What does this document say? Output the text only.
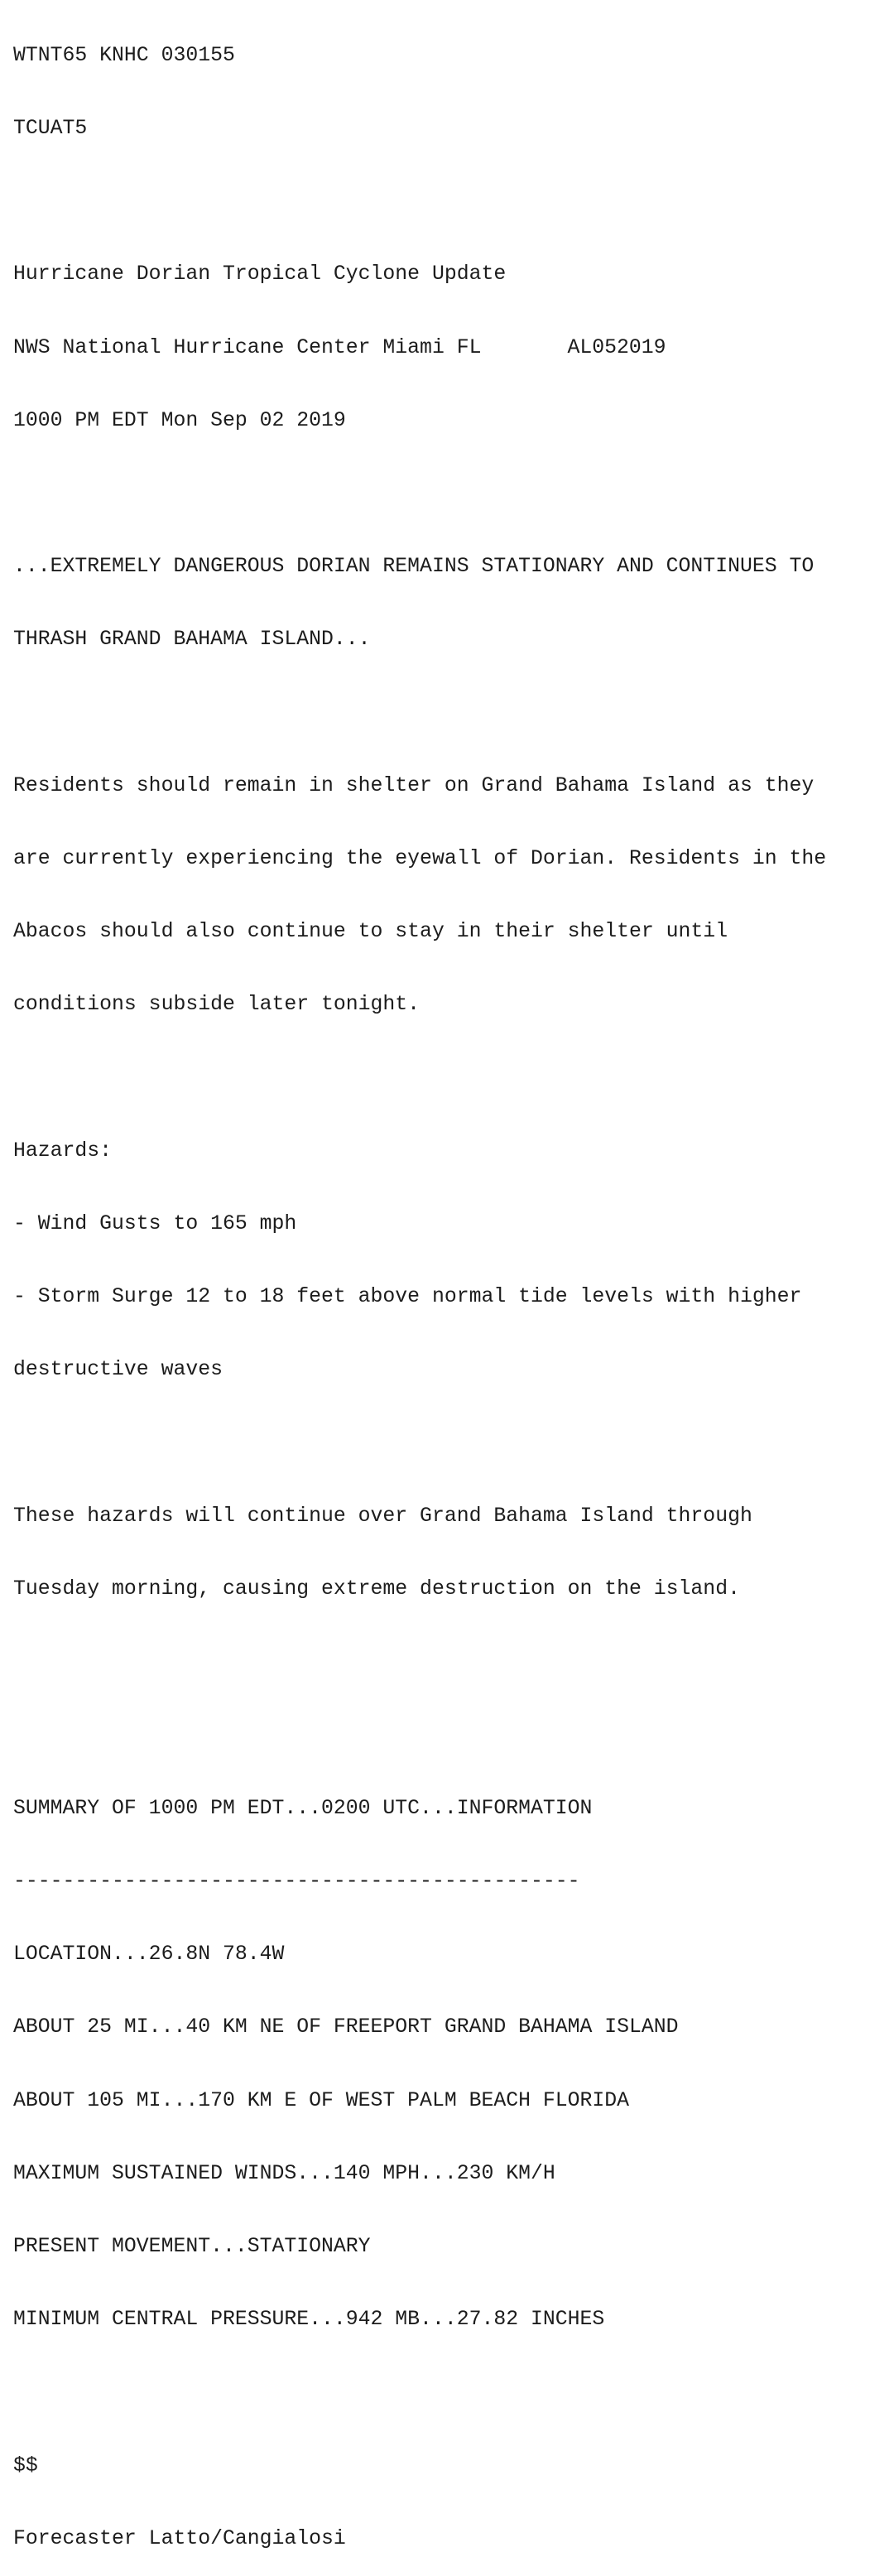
WTNT65 KNHC 030155

TCUAT5

Hurricane Dorian Tropical Cyclone Update

NWS National Hurricane Center Miami FL	AL052019

1000 PM EDT Mon Sep 02 2019

...EXTREMELY DANGEROUS DORIAN REMAINS STATIONARY AND CONTINUES TO

THRASH GRAND BAHAMA ISLAND...

Residents should remain in shelter on Grand Bahama Island as they

are currently experiencing the eyewall of Dorian. Residents in the

Abacos should also continue to stay in their shelter until

conditions subside later tonight.

Hazards:

- Wind Gusts to 165 mph

- Storm Surge 12 to 18 feet above normal tide levels with higher

destructive waves

These hazards will continue over Grand Bahama Island through

Tuesday morning, causing extreme destruction on the island.

SUMMARY OF 1000 PM EDT...0200 UTC...INFORMATION

----------------------------------------------

LOCATION...26.8N 78.4W

ABOUT 25 MI...40 KM NE OF FREEPORT GRAND BAHAMA ISLAND

ABOUT 105 MI...170 KM E OF WEST PALM BEACH FLORIDA

MAXIMUM SUSTAINED WINDS...140 MPH...230 KM/H

PRESENT MOVEMENT...STATIONARY

MINIMUM CENTRAL PRESSURE...942 MB...27.82 INCHES

$$

Forecaster Latto/Cangialosi
